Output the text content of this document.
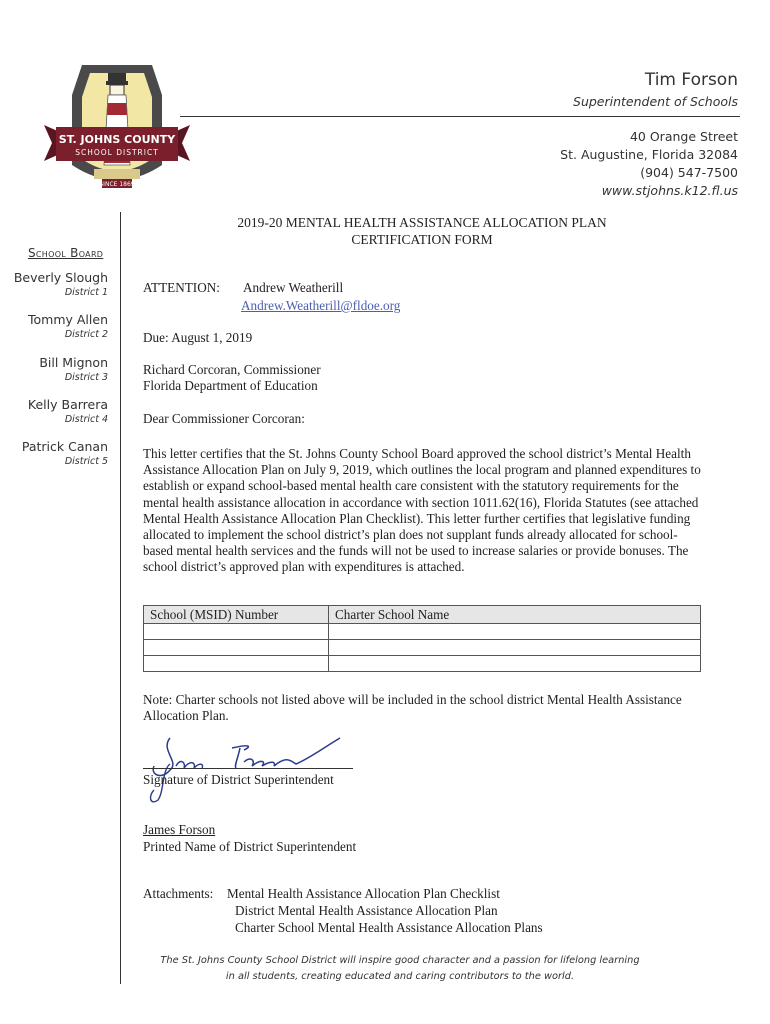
ST. JOHNS COUNTY
SCHOOL DISTRICT
SINCE 1869
Tim Forson
Superintendent of Schools
40 Orange Street
St. Augustine, Florida 32084
(904) 547-7500
www.stjohns.k12.fl.us
School Board
Beverly Slough
District 1
Tommy Allen
District 2
Bill Mignon
District 3
Kelly Barrera
District 4
Patrick Canan
District 5
2019-20 MENTAL HEALTH ASSISTANCE ALLOCATION PLAN
CERTIFICATION FORM
ATTENTION: Andrew Weatherill
Andrew.Weatherill@fldoe.org
Due: August 1, 2019
Richard Corcoran, Commissioner
Florida Department of Education
Dear Commissioner Corcoran:
This letter certifies that the St. Johns County School Board approved the school district’s Mental Health Assistance Allocation Plan on July 9, 2019, which outlines the local program and planned expenditures to establish or expand school-based mental health care consistent with the statutory requirements for the mental health assistance allocation in accordance with section 1011.62(16), Florida Statutes (see attached Mental Health Assistance Allocation Plan Checklist). This letter further certifies that legislative funding allocated to implement the school district’s plan does not supplant funds already allocated for school-based mental health services and the funds will not be used to increase salaries or provide bonuses. The school district’s approved plan with expenditures is attached.
School (MSID) Number	Charter School Name

Note: Charter schools not listed above will be included in the school district Mental Health Assistance Allocation Plan.
Signature of District Superintendent
James Forson
Printed Name of District Superintendent
Attachments: Mental Health Assistance Allocation Plan Checklist
District Mental Health Assistance Allocation Plan
Charter School Mental Health Assistance Allocation Plans
The St. Johns County School District will inspire good character and a passion for lifelong learning
in all students, creating educated and caring contributors to the world.
